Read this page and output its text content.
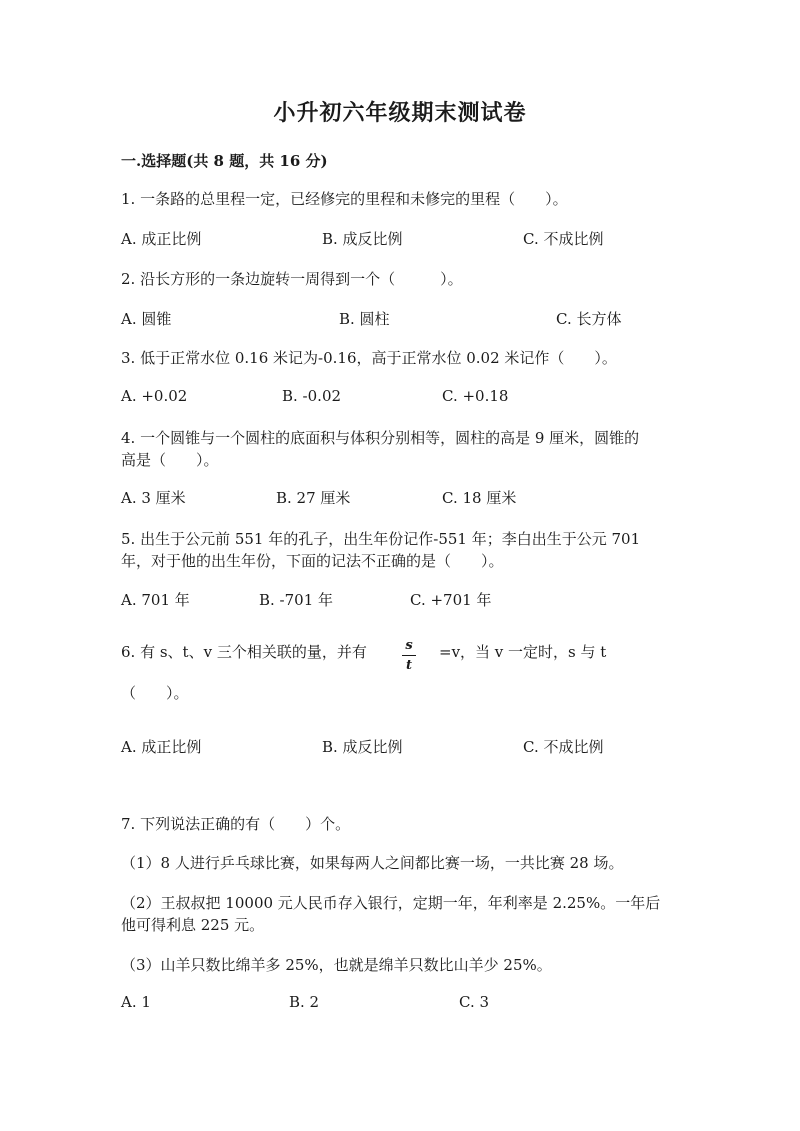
小升初六年级期末测试卷
一.选择题(共 8 题，共 16 分)
1. 一条路的总里程一定，已经修完的里程和未修完的里程（　　）。
A. 成正比例	B. 成反比例	C. 不成比例
2. 沿长方形的一条边旋转一周得到一个（　　　）。
A. 圆锥	B. 圆柱	C. 长方体
3. 低于正常水位 0.16 米记为-0.16，高于正常水位 0.02 米记作（　　）。
A. +0.02	B. -0.02	C. +0.18
4. 一个圆锥与一个圆柱的底面积与体积分别相等，圆柱的高是 9 厘米，圆锥的
高是（　　）。
A. 3 厘米	B. 27 厘米	C. 18 厘米
5. 出生于公元前 551 年的孔子，出生年份记作-551 年；李白出生于公元 701
年，对于他的出生年份，下面的记法不正确的是（　　）。
A. 701 年	B. -701 年	C. +701 年
6. 有 s、t、v 三个相关联的量，并有	s
t
=v，当 v 一定时，s 与 t
（　　）。
A. 成正比例	B. 成反比例	C. 不成比例
7. 下列说法正确的有（　　）个。
（1）8 人进行乒乓球比赛，如果每两人之间都比赛一场，一共比赛 28 场。
（2）王叔叔把 10000 元人民币存入银行，定期一年，年利率是 2.25%。一年后
他可得利息 225 元。
（3）山羊只数比绵羊多 25%，也就是绵羊只数比山羊少 25%。
A. 1	B. 2	C. 3
